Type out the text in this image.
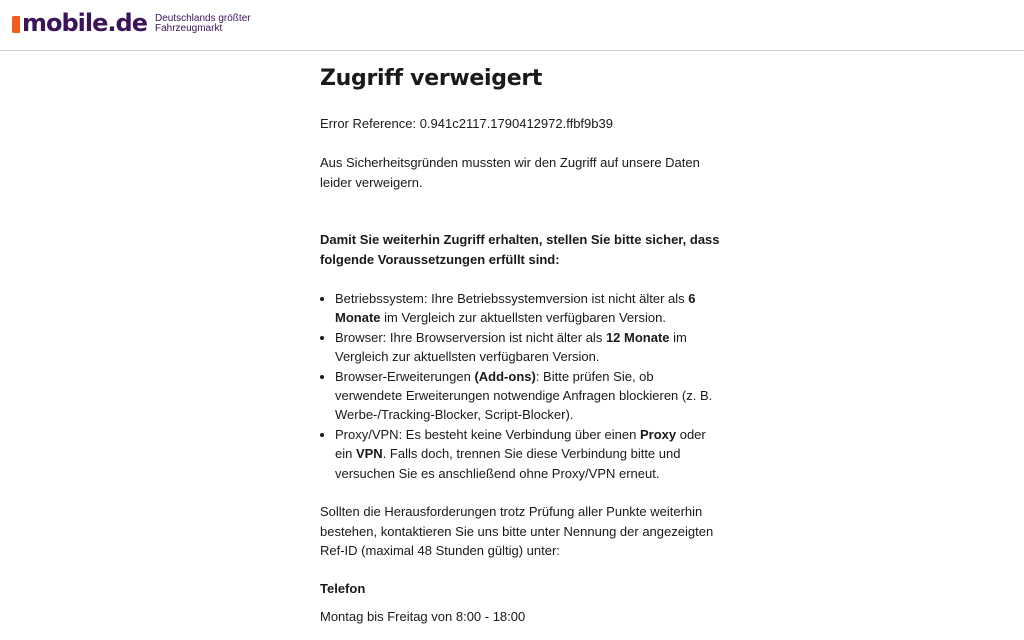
mobile.de Deutschlands größter
Fahrzeugmarkt
Zugriff verweigert

Error Reference: 0.941c2117.1790412972.ffbf9b39

Aus Sicherheitsgründen mussten wir den Zugriff auf unsere Daten leider verweigern.

Damit Sie weiterhin Zugriff erhalten, stellen Sie bitte sicher, dass folgende Voraussetzungen erfüllt sind:

• Betriebssystem: Ihre Betriebssystemversion ist nicht älter als 6 Monate im Vergleich zur aktuellsten verfügbaren Version.
• Browser: Ihre Browserversion ist nicht älter als 12 Monate im Vergleich zur aktuellsten verfügbaren Version.
• Browser-Erweiterungen (Add-ons): Bitte prüfen Sie, ob verwendete Erweiterungen notwendige Anfragen blockieren (z. B. Werbe-/Tracking-Blocker, Script-Blocker).
• Proxy/VPN: Es besteht keine Verbindung über einen Proxy oder ein VPN. Falls doch, trennen Sie diese Verbindung bitte und versuchen Sie es anschließend ohne Proxy/VPN erneut.

Sollten die Herausforderungen trotz Prüfung aller Punkte weiterhin bestehen, kontaktieren Sie uns bitte unter Nennung der angezeigten Ref-ID (maximal 48 Stunden gültig) unter:

Telefon

Montag bis Freitag von 8:00 - 18:00
